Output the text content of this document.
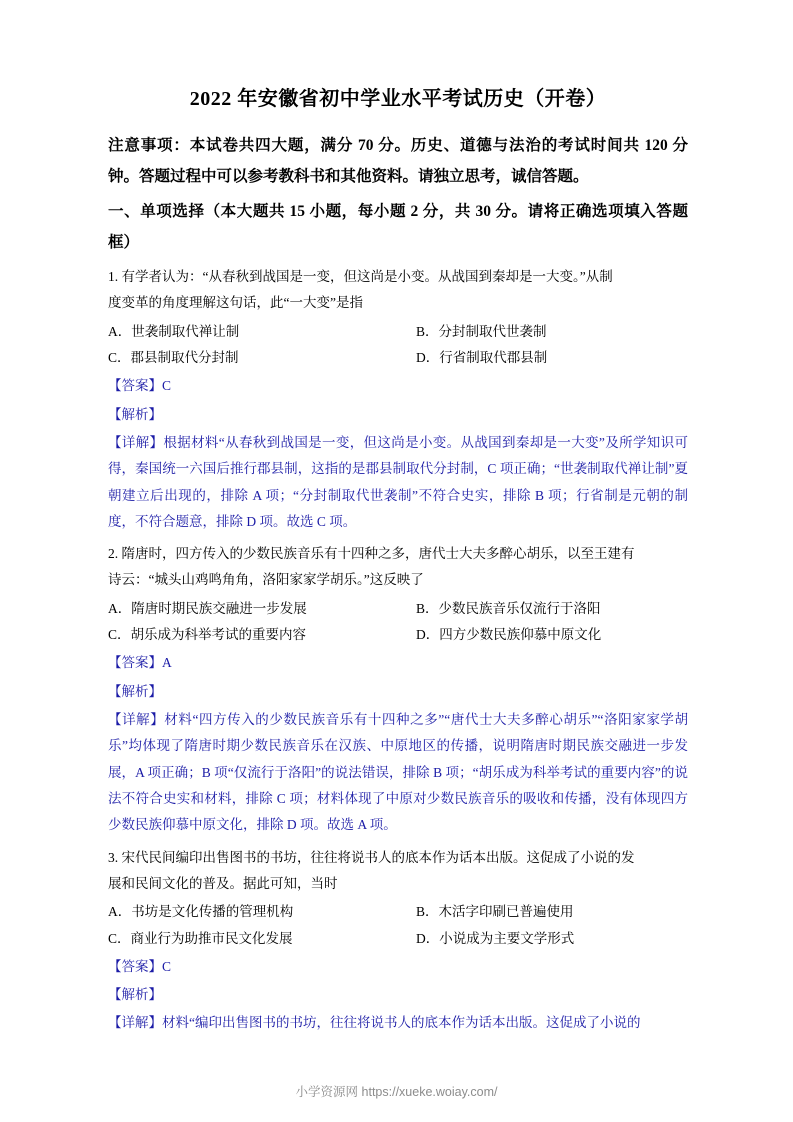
2022 年安徽省初中学业水平考试历史（开卷）

注意事项：本试卷共四大题，满分 70 分。历史、道德与法治的考试时间共 120 分钟。答题过程中可以参考教科书和其他资料。请独立思考，诚信答题。

一、单项选择（本大题共 15 小题，每小题 2 分，共 30 分。请将正确选项填入答题框）

1. 有学者认为：“从春秋到战国是一变，但这尚是小变。从战国到秦却是一大变。”从制
度变革的角度理解这句话，此“一大变”是指

A．世袭制取代禅让制	B．分封制取代世袭制
C．郡县制取代分封制	D．行省制取代郡县制

【答案】C

【解析】

【详解】根据材料“从春秋到战国是一变，但这尚是小变。从战国到秦却是一大变”及所学知识可得，秦国统一六国后推行郡县制，这指的是郡县制取代分封制，C 项正确；“世袭制取代禅让制”夏朝建立后出现的，排除 A 项；“分封制取代世袭制”不符合史实，排除 B 项；行省制是元朝的制度，不符合题意，排除 D 项。故选 C 项。

2. 隋唐时，四方传入的少数民族音乐有十四种之多，唐代士大夫多醉心胡乐，以至王建有
诗云：“城头山鸡鸣角角，洛阳家家学胡乐。”这反映了

A．隋唐时期民族交融进一步发展	B．少数民族音乐仅流行于洛阳
C．胡乐成为科举考试的重要内容	D．四方少数民族仰慕中原文化

【答案】A

【解析】

【详解】材料“四方传入的少数民族音乐有十四种之多”“唐代士大夫多醉心胡乐”“洛阳家家学胡乐”均体现了隋唐时期少数民族音乐在汉族、中原地区的传播，说明隋唐时期民族交融进一步发展，A 项正确；B 项“仅流行于洛阳”的说法错误，排除 B 项；“胡乐成为科举考试的重要内容”的说法不符合史实和材料，排除 C 项；材料体现了中原对少数民族音乐的吸收和传播，没有体现四方少数民族仰慕中原文化，排除 D 项。故选 A 项。

3. 宋代民间编印出售图书的书坊，往往将说书人的底本作为话本出版。这促成了小说的发
展和民间文化的普及。据此可知，当时

A．书坊是文化传播的管理机构	B．木活字印刷已普遍使用
C．商业行为助推市民文化发展	D．小说成为主要文学形式

【答案】C

【解析】

【详解】材料“编印出售图书的书坊，往往将说书人的底本作为话本出版。这促成了小说的

小学资源网 https://xueke.woiay.com/
